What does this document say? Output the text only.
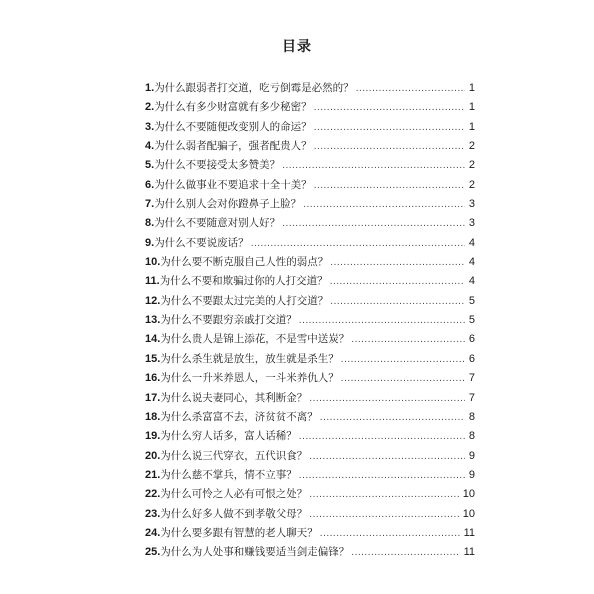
目录
1. 为什么跟弱者打交道，吃亏倒霉是必然的？ .....	1
2. 为什么有多少财富就有多少秘密？ .....	1
3. 为什么不要随便改变别人的命运？ .....	1
4. 为什么弱者配骗子，强者配贵人？ .....	2
5. 为什么不要接受太多赞美？ .....	2
6. 为什么做事业不要追求十全十美？ .....	2
7. 为什么别人会对你蹬鼻子上脸？ .....	3
8. 为什么不要随意对别人好？ .....	3
9. 为什么不要说废话？ .....	4
10. 为什么要不断克服自己人性的弱点？ .....	4
11. 为什么不要和欺骗过你的人打交道？ .....	4
12. 为什么不要跟太过完美的人打交道？ .....	5
13. 为什么不要跟穷亲戚打交道？ .....	5
14. 为什么贵人是锦上添花，不是雪中送炭？ .....	6
15. 为什么杀生就是放生，放生就是杀生？ .....	6
16. 为什么一升米养恩人，一斗米养仇人？ .....	7
17. 为什么说夫妻同心，其利断金？ .....	7
18. 为什么杀富富不去，济贫贫不离？ .....	8
19. 为什么穷人话多，富人话稀？ .....	8
20. 为什么说三代穿衣，五代识食？ .....	9
21. 为什么慈不掌兵，情不立事？ .....	9
22. 为什么可怜之人必有可恨之处？ .....	10
23. 为什么好多人做不到孝敬父母？ .....	10
24. 为什么要多跟有智慧的老人聊天？ .....	11
25. 为什么为人处事和赚钱要适当剑走偏锋？ .....	11
